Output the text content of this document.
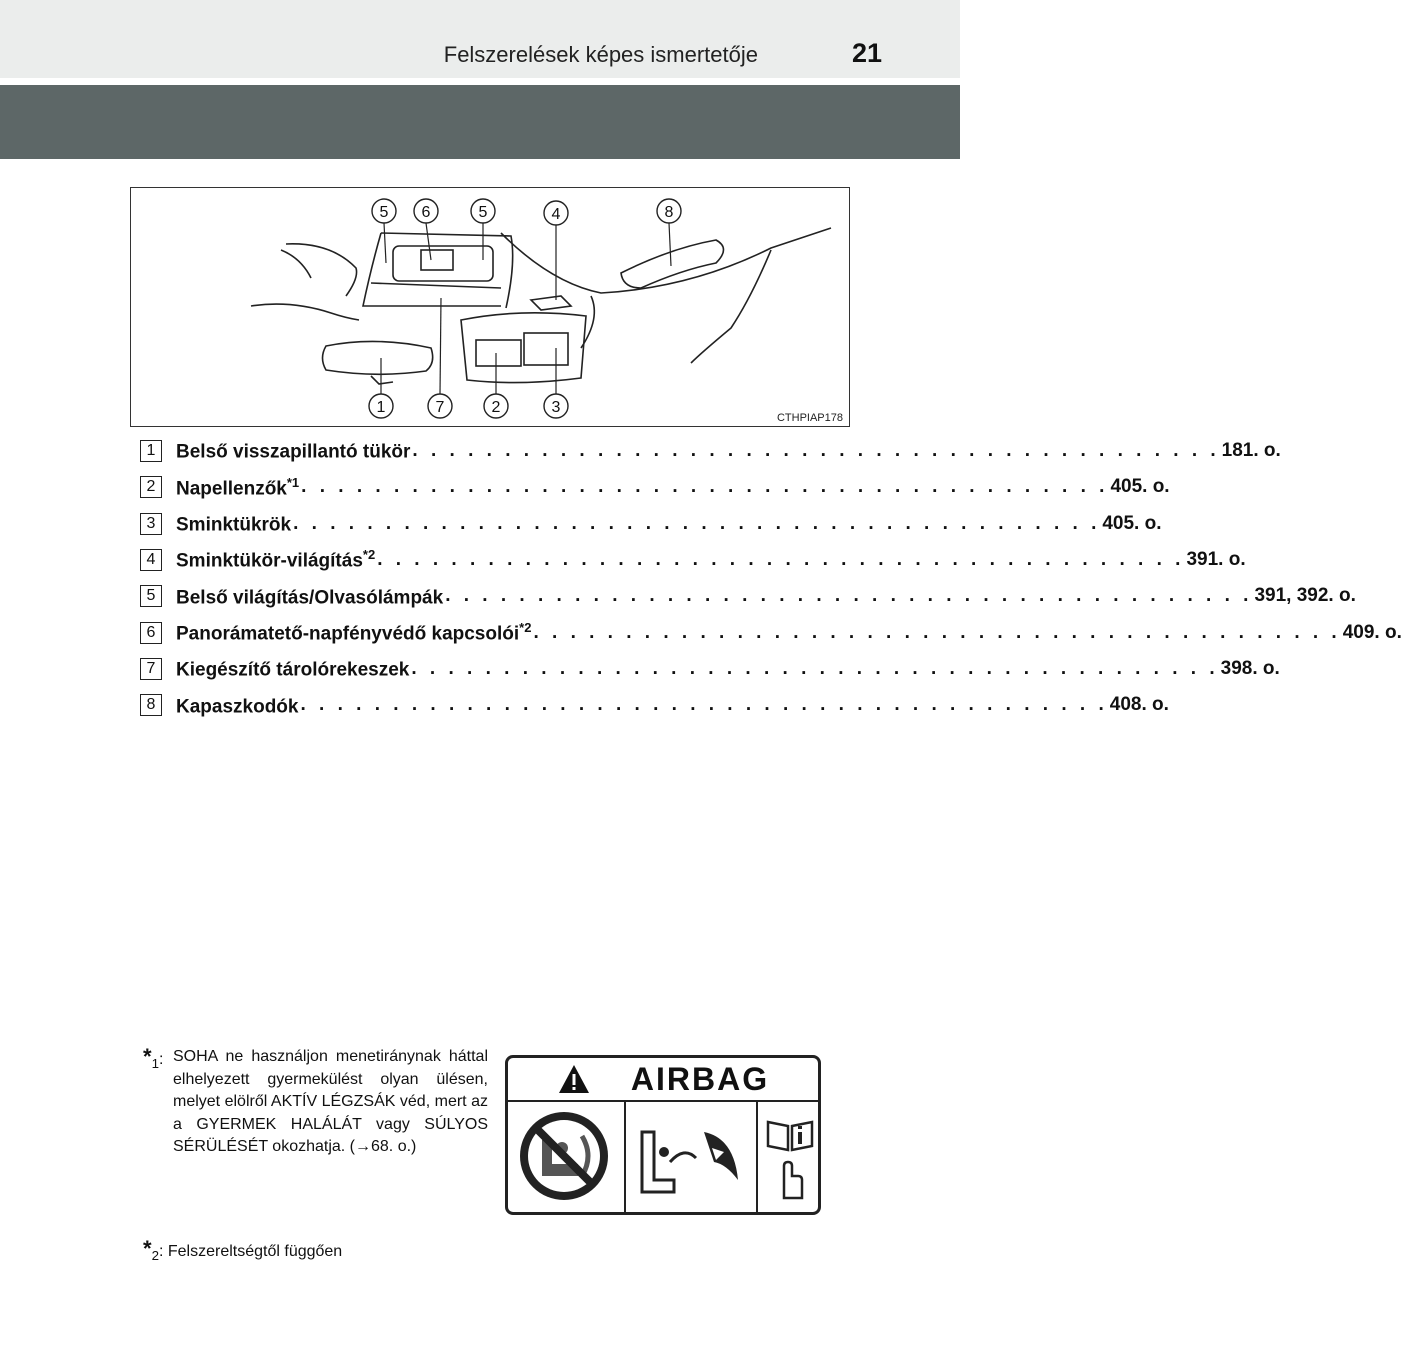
Felszerelések képes ismertetője	21
5 6	5	4	8
1	7	2	3
CTHPIAP178
1	Belső visszapillantó tükör . . . . . . . . . . . . . . . . . . . . . . . . . . . . . . . . . . . . . . . . . . . . 181. o.
2	Napellenzők$^{*1}$ . . . . . . . . . . . . . . . . . . . . . . . . . . . . . . . . . . . . . . . . . . . . 405. o.
3	Sminktükrök . . . . . . . . . . . . . . . . . . . . . . . . . . . . . . . . . . . . . . . . . . . . 405. o.
4	Sminktükör-világítás$^{*2}$ . . . . . . . . . . . . . . . . . . . . . . . . . . . . . . . . . . . . . . . . . . . . 391. o.
5	Belső világítás/Olvasólámpák . . . . . . . . . . . . . . . . . . . . . . . . . . . . . . . . . . . . . . . . . . . . 391, 392. o.
6	Panorámatető-napfényvédő kapcsolói$^{*2}$ . . . . . . . . . . . . . . . . . . . . . . . . . . . . . . . . . . . . . . . . . . . . 409. o.
7	Kiegészítő tárolórekeszek . . . . . . . . . . . . . . . . . . . . . . . . . . . . . . . . . . . . . . . . . . . . 398. o.
8	Kapaszkodók . . . . . . . . . . . . . . . . . . . . . . . . . . . . . . . . . . . . . . . . . . . . 408. o.
$*_1$: SOHA ne használjon menetiránynak háttal elhelyezett gyermekülést olyan ülésen, melyet elölről AKTÍV LÉGZSÁK véd, mert az a GYERMEK HALÁLÁT vagy SÚLYOS SÉRÜLÉSÉT okozhatja. (→68. o.)
$*_2$: Felszereltségtől függően
AIRBAG
